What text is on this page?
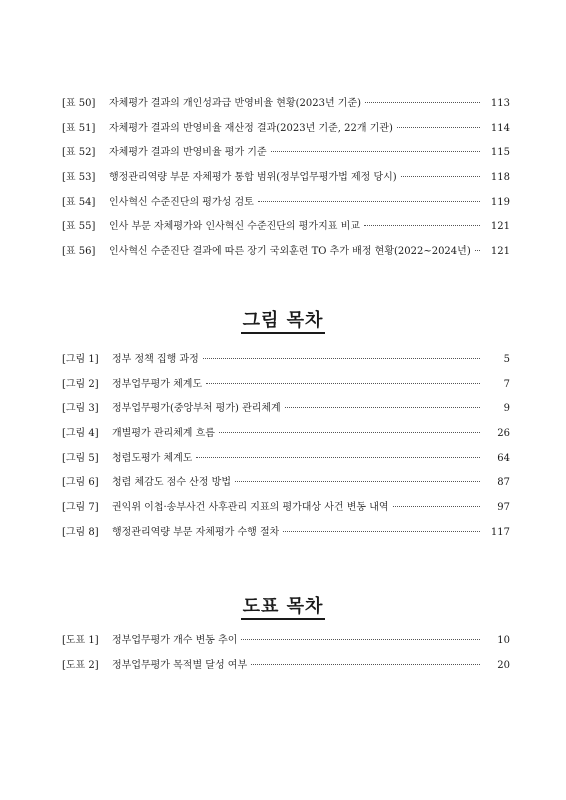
[표 50]	자체평가 결과의 개인성과급 반영비율 현황(2023년 기준)	113
[표 51]	자체평가 결과의 반영비율 재산정 결과(2023년 기준, 22개 기관)	114
[표 52]	자체평가 결과의 반영비율 평가 기준	115
[표 53]	행정관리역량 부문 자체평가 통합 범위(정부업무평가법 제정 당시)	118
[표 54]	인사혁신 수준진단의 평가성 검토	119
[표 55]	인사 부문 자체평가와 인사혁신 수준진단의 평가지표 비교	121
[표 56]	인사혁신 수준진단 결과에 따른 장기 국외훈련 TO 추가 배정 현황(2022~2024년)	121
그림 목차
[그림 1]	정부 정책 집행 과정	5
[그림 2]	정부업무평가 체계도	7
[그림 3]	정부업무평가(중앙부처 평가) 관리체계	9
[그림 4]	개별평가 관리체계 흐름	26
[그림 5]	청렴도평가 체계도	64
[그림 6]	청렴 체감도 점수 산정 방법	87
[그림 7]	권익위 이첩·송부사건 사후관리 지표의 평가대상 사건 변동 내역	97
[그림 8]	행정관리역량 부문 자체평가 수행 절차	117
도표 목차
[도표 1]	정부업무평가 개수 변동 추이	10
[도표 2]	정부업무평가 목적별 달성 여부	20
